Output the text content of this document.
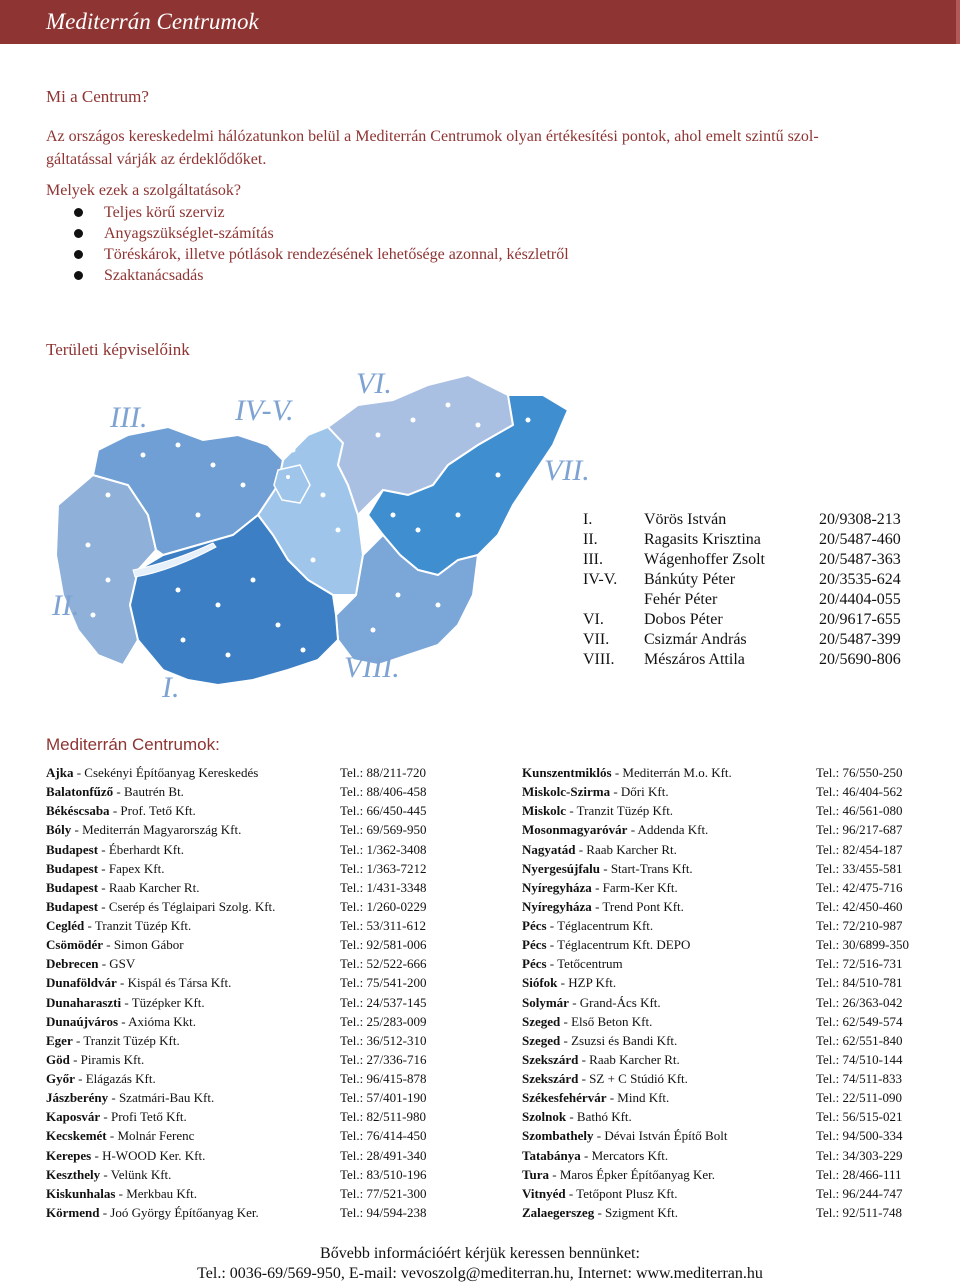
Mediterrán Centrumok
Mi a Centrum?
Az országos kereskedelmi hálózatunkon belül a Mediterrán Centrumok olyan értékesítési pontok, ahol emelt szintű szol-
gáltatással várják az érdeklődőket.
Melyek ezek a szolgáltatások?
Teljes körű szerviz
Anyagszükséglet-számítás
Töréskárok, illetve pótlások rendezésének lehetősége azonnal, készletről
Szaktanácsadás
Területi képviselőink
III.	IV-V.
VI.
VII.
II.
I.
VIII.
I.	Vörös István	20/9308-213
II.	Ragasits Krisztina	20/5487-460
III.	Wágenhoffer Zsolt	20/5487-363
IV-V. Bánkúty Péter	20/3535-624
Fehér Péter	20/4404-055
VI.	Dobos Péter	20/9617-655
VII. Csizmár András	20/5487-399
VIII. Mészáros Attila	20/5690-806
Mediterrán Centrumok:
Ajka - Csekényi Építőanyag Kereskedés	Tel.: 88/211-720
Balatonfűző - Bautrén Bt.	Tel.: 88/406-458
Békéscsaba - Prof. Tető Kft.	Tel.: 66/450-445
Bóly - Mediterrán Magyarország Kft.	Tel.: 69/569-950
Budapest - Éberhardt Kft.	Tel.: 1/362-3408
Budapest - Fapex Kft.	Tel.: 1/363-7212
Budapest - Raab Karcher Rt.	Tel.: 1/431-3348
Budapest - Cserép és Téglaipari Szolg. Kft.	Tel.: 1/260-0229
Cegléd - Tranzit Tüzép Kft.	Tel.: 53/311-612
Csömödér - Simon Gábor	Tel.: 92/581-006
Debrecen - GSV	Tel.: 52/522-666
Dunaföldvár - Kispál és Társa Kft.	Tel.: 75/541-200
Dunaharaszti - Tüzépker Kft.	Tel.: 24/537-145
Dunaújváros - Axióma Kkt.	Tel.: 25/283-009
Eger - Tranzit Tüzép Kft.	Tel.: 36/512-310
Göd - Piramis Kft.	Tel.: 27/336-716
Győr - Elágazás Kft.	Tel.: 96/415-878
Jászberény - Szatmári-Bau Kft.	Tel.: 57/401-190
Kaposvár - Profi Tető Kft.	Tel.: 82/511-980
Kecskemét - Molnár Ferenc	Tel.: 76/414-450
Kerepes - H-WOOD Ker. Kft.	Tel.: 28/491-340
Keszthely - Velünk Kft.	Tel.: 83/510-196
Kiskunhalas - Merkbau Kft.	Tel.: 77/521-300
Körmend - Joó György Építőanyag Ker.	Tel.: 94/594-238
Kunszentmiklós - Mediterrán M.o. Kft.	Tel.: 76/550-250
Miskolc-Szirma - Dőri Kft.	Tel.: 46/404-562
Miskolc - Tranzit Tüzép Kft.	Tel.: 46/561-080
Mosonmagyaróvár - Addenda Kft.	Tel.: 96/217-687
Nagyatád - Raab Karcher Rt.	Tel.: 82/454-187
Nyergesújfalu - Start-Trans Kft.	Tel.: 33/455-581
Nyíregyháza - Farm-Ker Kft.	Tel.: 42/475-716
Nyíregyháza - Trend Pont Kft.	Tel.: 42/450-460
Pécs - Téglacentrum Kft.	Tel.: 72/210-987
Pécs - Téglacentrum Kft. DEPO	Tel.: 30/6899-350
Pécs - Tetőcentrum	Tel.: 72/516-731
Siófok - HZP Kft.	Tel.: 84/510-781
Solymár - Grand-Ács Kft.	Tel.: 26/363-042
Szeged - Első Beton Kft.	Tel.: 62/549-574
Szeged - Zsuzsi és Bandi Kft.	Tel.: 62/551-840
Szekszárd - Raab Karcher Rt.	Tel.: 74/510-144
Szekszárd - SZ + C Stúdió Kft.	Tel.: 74/511-833
Székesfehérvár - Mind Kft.	Tel.: 22/511-090
Szolnok - Bathó Kft.	Tel.: 56/515-021
Szombathely - Dévai István Építő Bolt	Tel.: 94/500-334
Tatabánya - Mercators Kft.	Tel.: 34/303-229
Tura - Maros Épker Építőanyag Ker.	Tel.: 28/466-111
Vitnyéd - Tetőpont Plusz Kft.	Tel.: 96/244-747
Zalaegerszeg - Szigment Kft.	Tel.: 92/511-748
Bővebb információért kérjük keressen bennünket:
Tel.: 0036-69/569-950, E-mail: vevoszolg@mediterran.hu, Internet: www.mediterran.hu
